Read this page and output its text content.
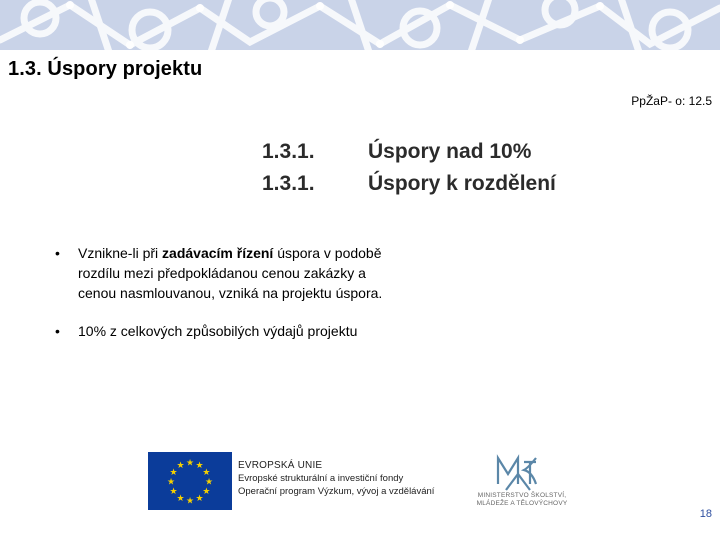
1.3. Úspory projektu
PpŽaP- o: 12.5
1.3.1.	Úspory nad 10%
1.3.1.	Úspory k rozdělení
•	Vznikne-li při zadávacím řízení úspora v podobě rozdílu mezi předpokládanou cenou zakázky a cenou nasmlouvanou, vzniká na projektu úspora.
•	10% z celkových způsobilých výdajů projektu
★ ★
★
★
★
★
★
★
★
★
★
★	EVROPSKÁ UNIE
Evropské strukturální a investiční fondy
Operační program Výzkum, vývoj a vzdělávání	MINISTERSTVO ŠKOLSTVÍ,
MLÁDEŽE A TĚLOVÝCHOVY
18
